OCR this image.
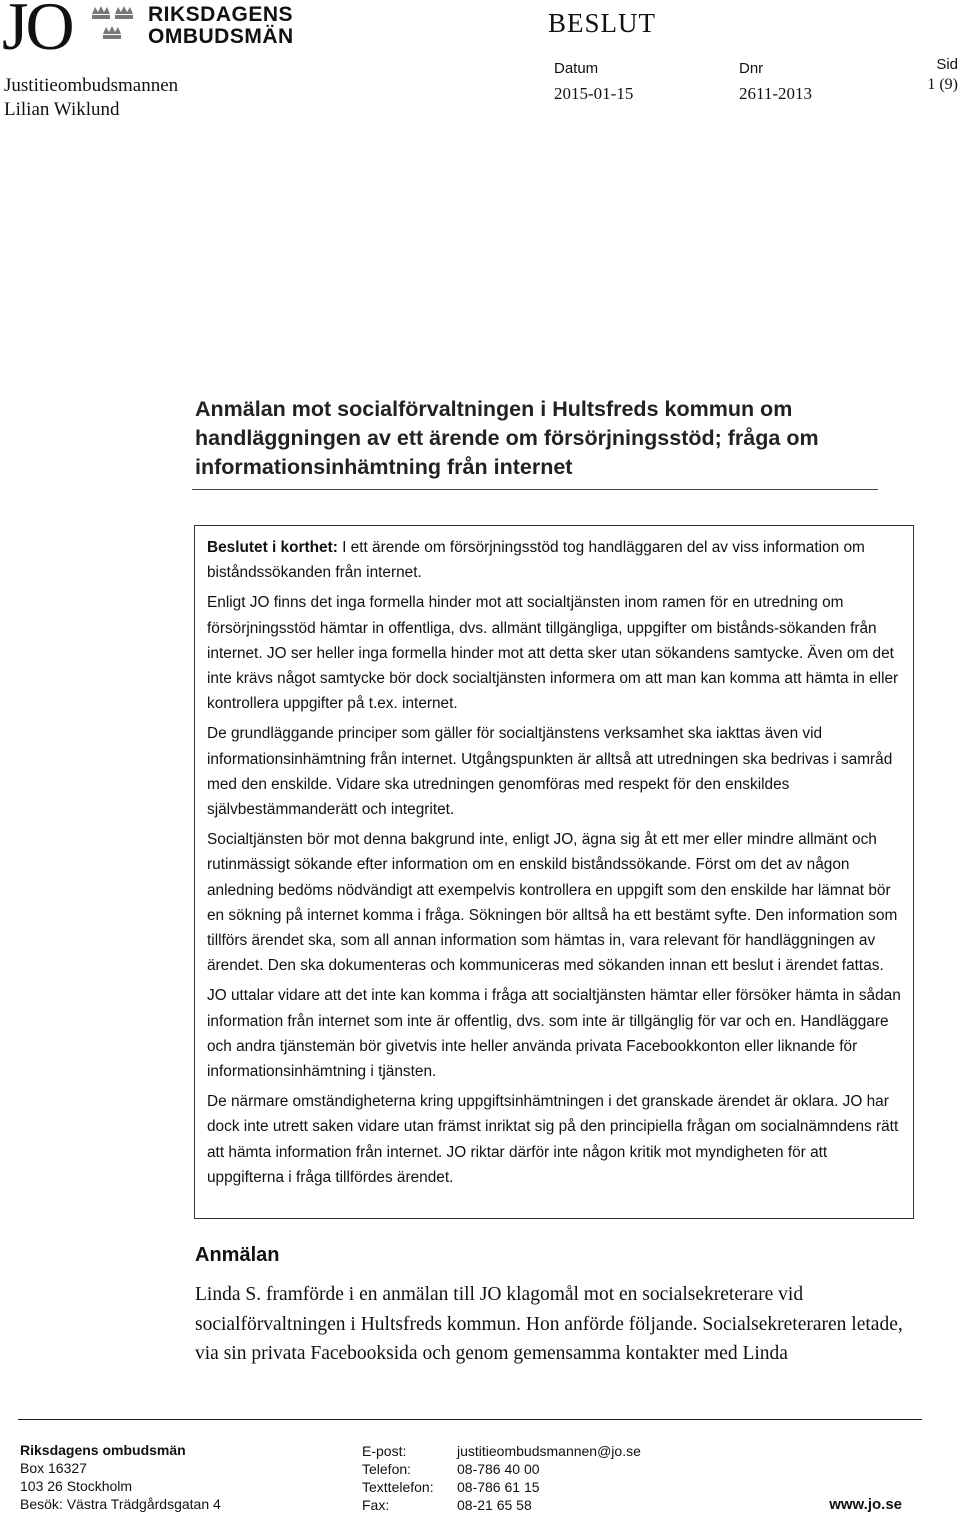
JO	RIKSDAGENS
OMBUDSMÄN
Justitieombudsmannen
Lilian Wiklund
BESLUT
Datum
2015-01-15
Dnr
2611-2013
Sid
1 (9)
Anmälan mot socialförvaltningen i Hultsfreds kommun om handläggningen av ett ärende om försörjningsstöd; fråga om informationsinhämtning från internet

Beslutet i korthet: I ett ärende om försörjningsstöd tog handläggaren del av viss information om biståndssökanden från internet.

Enligt JO finns det inga formella hinder mot att socialtjänsten inom ramen för en utredning om försörjningsstöd hämtar in offentliga, dvs. allmänt tillgängliga, uppgifter om bistånds-sökanden från internet. JO ser heller inga formella hinder mot att detta sker utan sökandens samtycke. Även om det inte krävs något samtycke bör dock socialtjänsten informera om att man kan komma att hämta in eller kontrollera uppgifter på t.ex. internet.

De grundläggande principer som gäller för socialtjänstens verksamhet ska iakttas även vid informationsinhämtning från internet. Utgångspunkten är alltså att utredningen ska bedrivas i samråd med den enskilde. Vidare ska utredningen genomföras med respekt för den enskildes självbestämmanderätt och integritet.

Socialtjänsten bör mot denna bakgrund inte, enligt JO, ägna sig åt ett mer eller mindre allmänt och rutinmässigt sökande efter information om en enskild biståndssökande. Först om det av någon anledning bedöms nödvändigt att exempelvis kontrollera en uppgift som den enskilde har lämnat bör en sökning på internet komma i fråga. Sökningen bör alltså ha ett bestämt syfte. Den information som tillförs ärendet ska, som all annan information som hämtas in, vara relevant för handläggningen av ärendet. Den ska dokumenteras och kommuniceras med sökanden innan ett beslut i ärendet fattas.

JO uttalar vidare att det inte kan komma i fråga att socialtjänsten hämtar eller försöker hämta in sådan information från internet som inte är offentlig, dvs. som inte är tillgänglig för var och en. Handläggare och andra tjänstemän bör givetvis inte heller använda privata Facebookkonton eller liknande för informationsinhämtning i tjänsten.

De närmare omständigheterna kring uppgiftsinhämtningen i det granskade ärendet är oklara. JO har dock inte utrett saken vidare utan främst inriktat sig på den principiella frågan om socialnämndens rätt att hämta information från internet. JO riktar därför inte någon kritik mot myndigheten för att uppgifterna i fråga tillfördes ärendet.

Anmälan
Linda S. framförde i en anmälan till JO klagomål mot en socialsekreterare vid socialförvaltningen i Hultsfreds kommun. Hon anförde följande. Socialsekreteraren letade, via sin privata Facebooksida och genom gemensamma kontakter med Linda
Riksdagens ombudsmän
Box 16327
103 26 Stockholm
Besök: Västra Trädgårdsgatan 4
E-post:	justitieombudsmannen@jo.se
Telefon:	08-786 40 00
Texttelefon:	08-786 61 15
Fax:	08-21 65 58	www.jo.se
